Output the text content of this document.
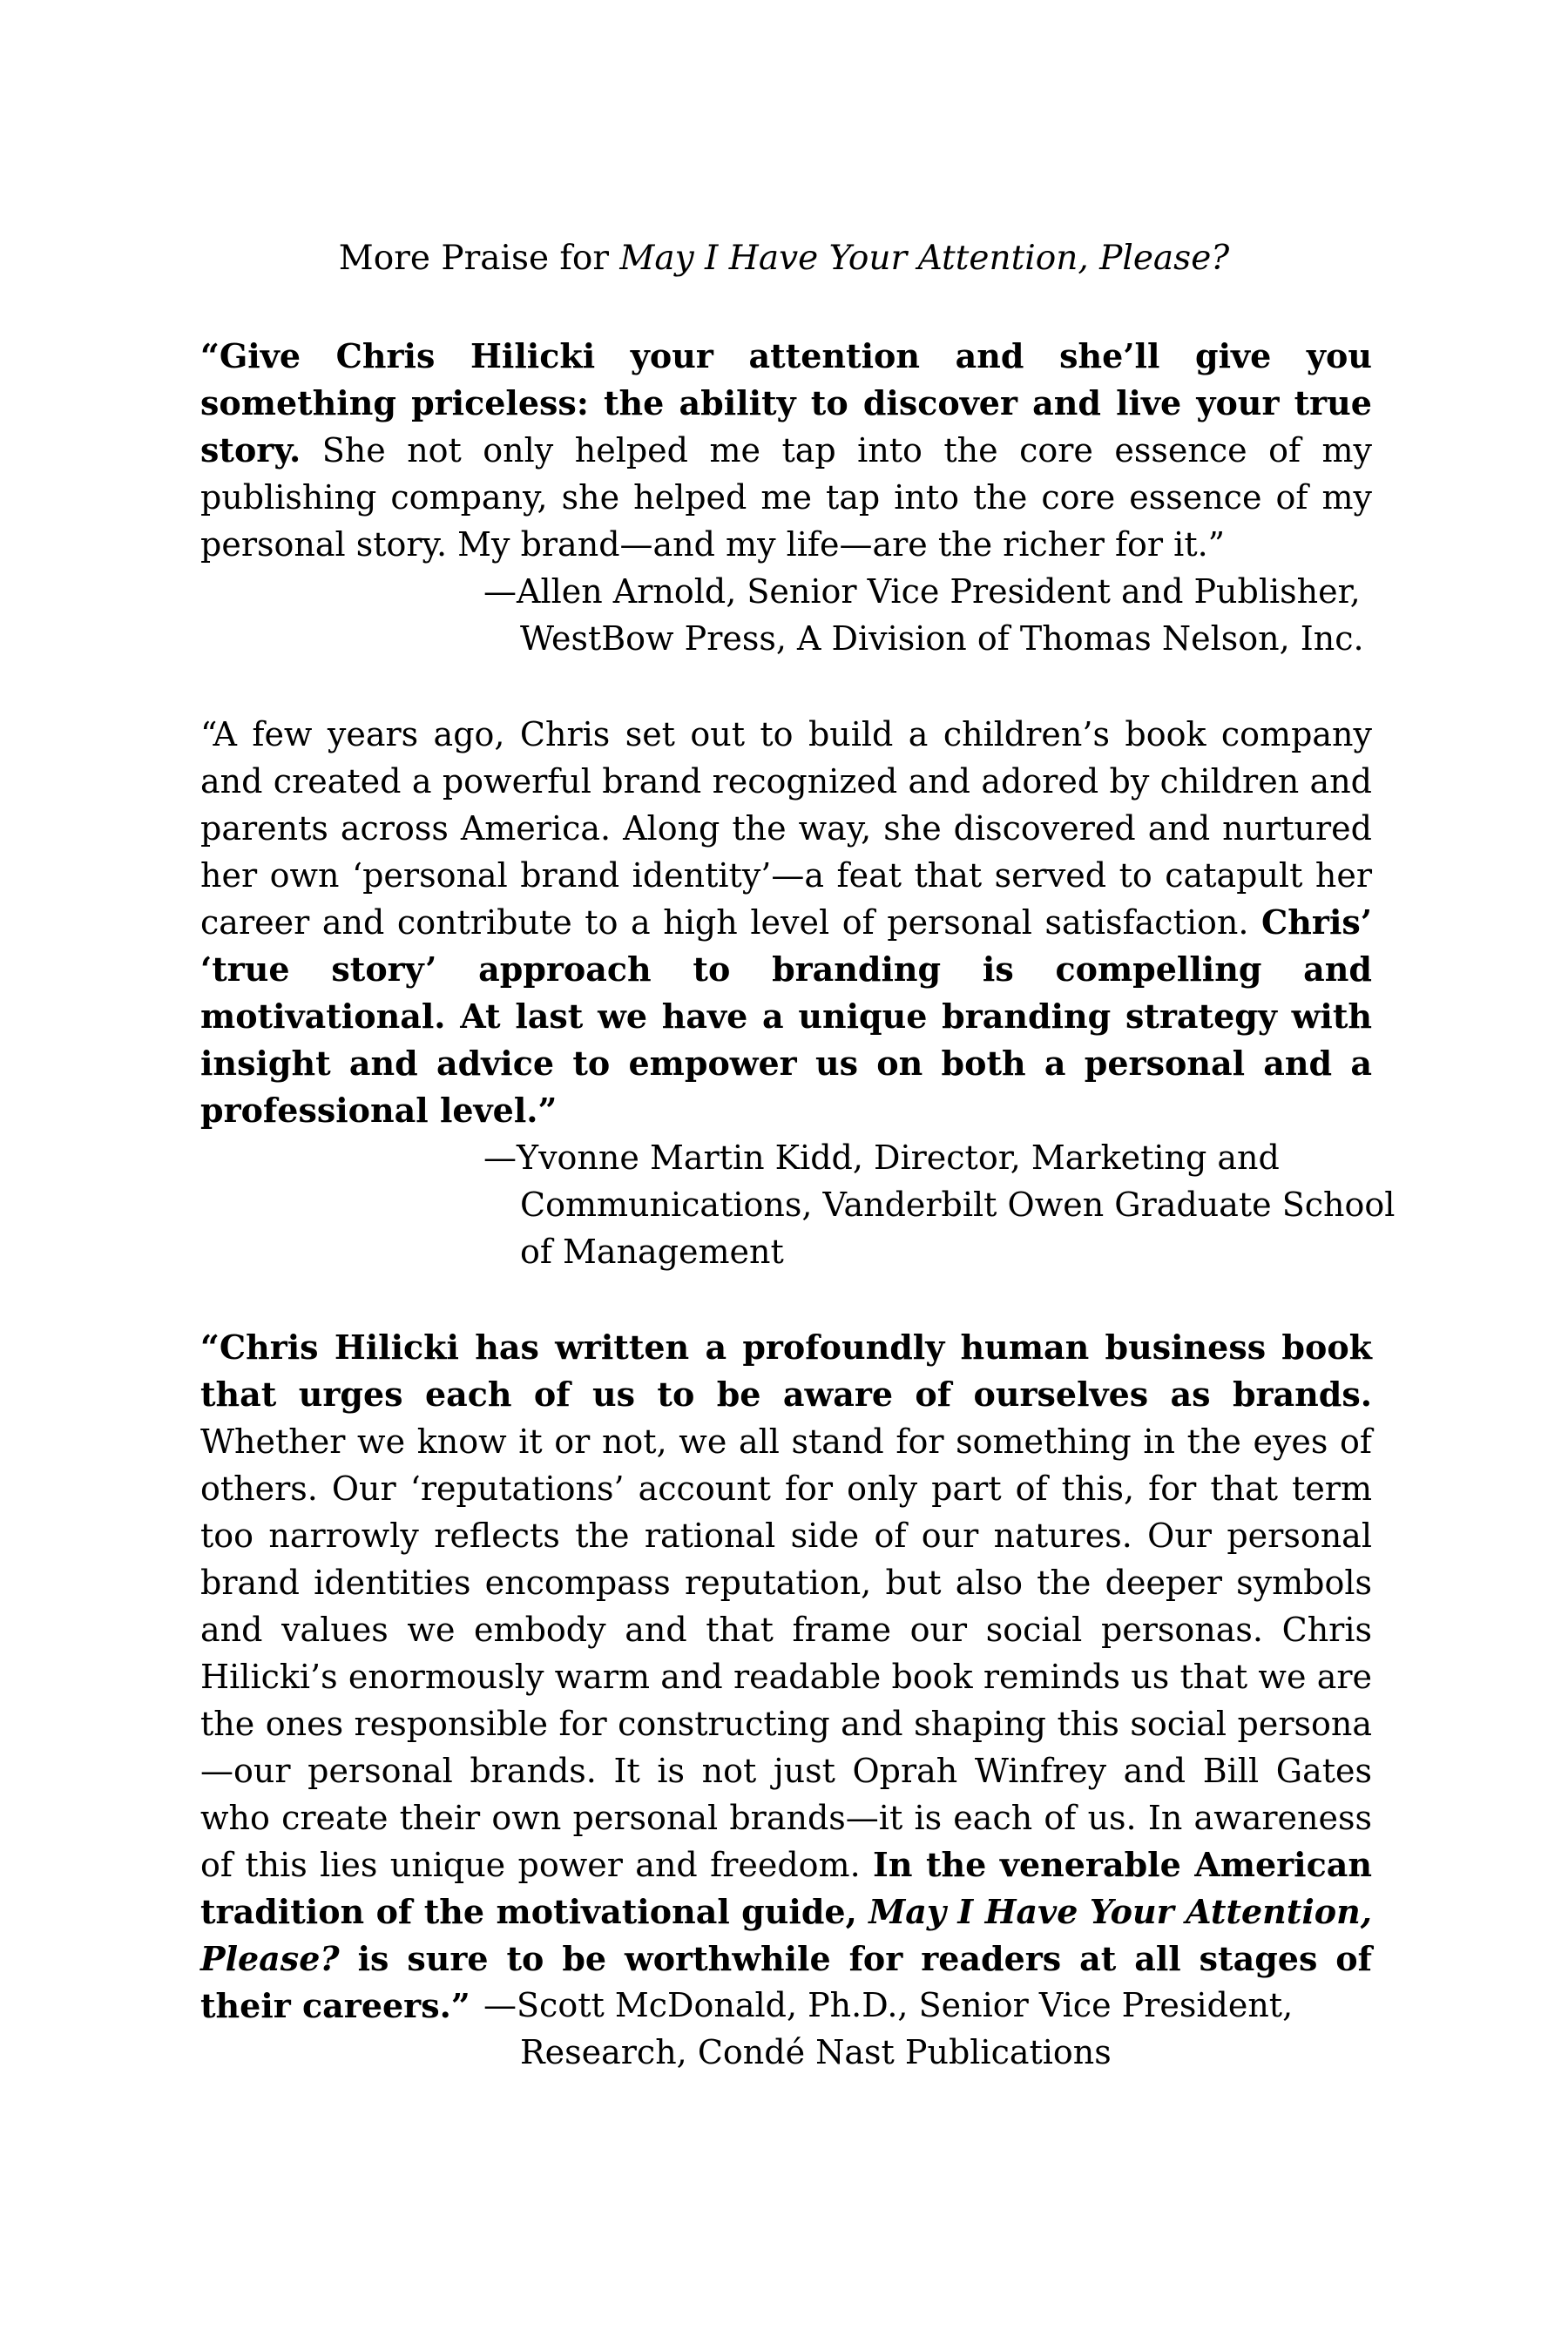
More Praise for May I Have Your Attention, Please?
“Give Chris Hilicki your attention and she’ll give you something priceless: the ability to discover and live your true story. She not only helped me tap into the core essence of my publishing company, she helped me tap into the core essence of my personal story. My brand—and my life—are the richer for it.”
—Allen Arnold, Senior Vice President and Publisher, WestBow Press, A Division of Thomas Nelson, Inc.
“A few years ago, Chris set out to build a children’s book company and created a powerful brand recognized and adored by children and parents across America. Along the way, she discovered and nurtured her own ‘personal brand identity’—a feat that served to catapult her career and contribute to a high level of personal satisfaction. Chris’ ‘true story’ approach to branding is compelling and motivational. At last we have a unique branding strategy with insight and advice to empower us on both a personal and a professional level.”
—Yvonne Martin Kidd, Director, Marketing and Communications, Vanderbilt Owen Graduate School of Management
“Chris Hilicki has written a profoundly human business book that urges each of us to be aware of ourselves as brands. Whether we know it or not, we all stand for something in the eyes of others. Our ‘reputations’ account for only part of this, for that term too narrowly reflects the rational side of our natures. Our personal brand identities encompass reputation, but also the deeper symbols and values we embody and that frame our social personas. Chris Hilicki’s enormously warm and readable book reminds us that we are the ones responsible for constructing and shaping this social persona—our personal brands. It is not just Oprah Winfrey and Bill Gates who create their own personal brands—it is each of us. In awareness of this lies unique power and freedom. In the venerable American tradition of the motivational guide, May I Have Your Attention, Please? is sure to be worthwhile for readers at all stages of their careers.” —Scott McDonald, Ph.D., Senior Vice President, Research, Condé Nast Publications
